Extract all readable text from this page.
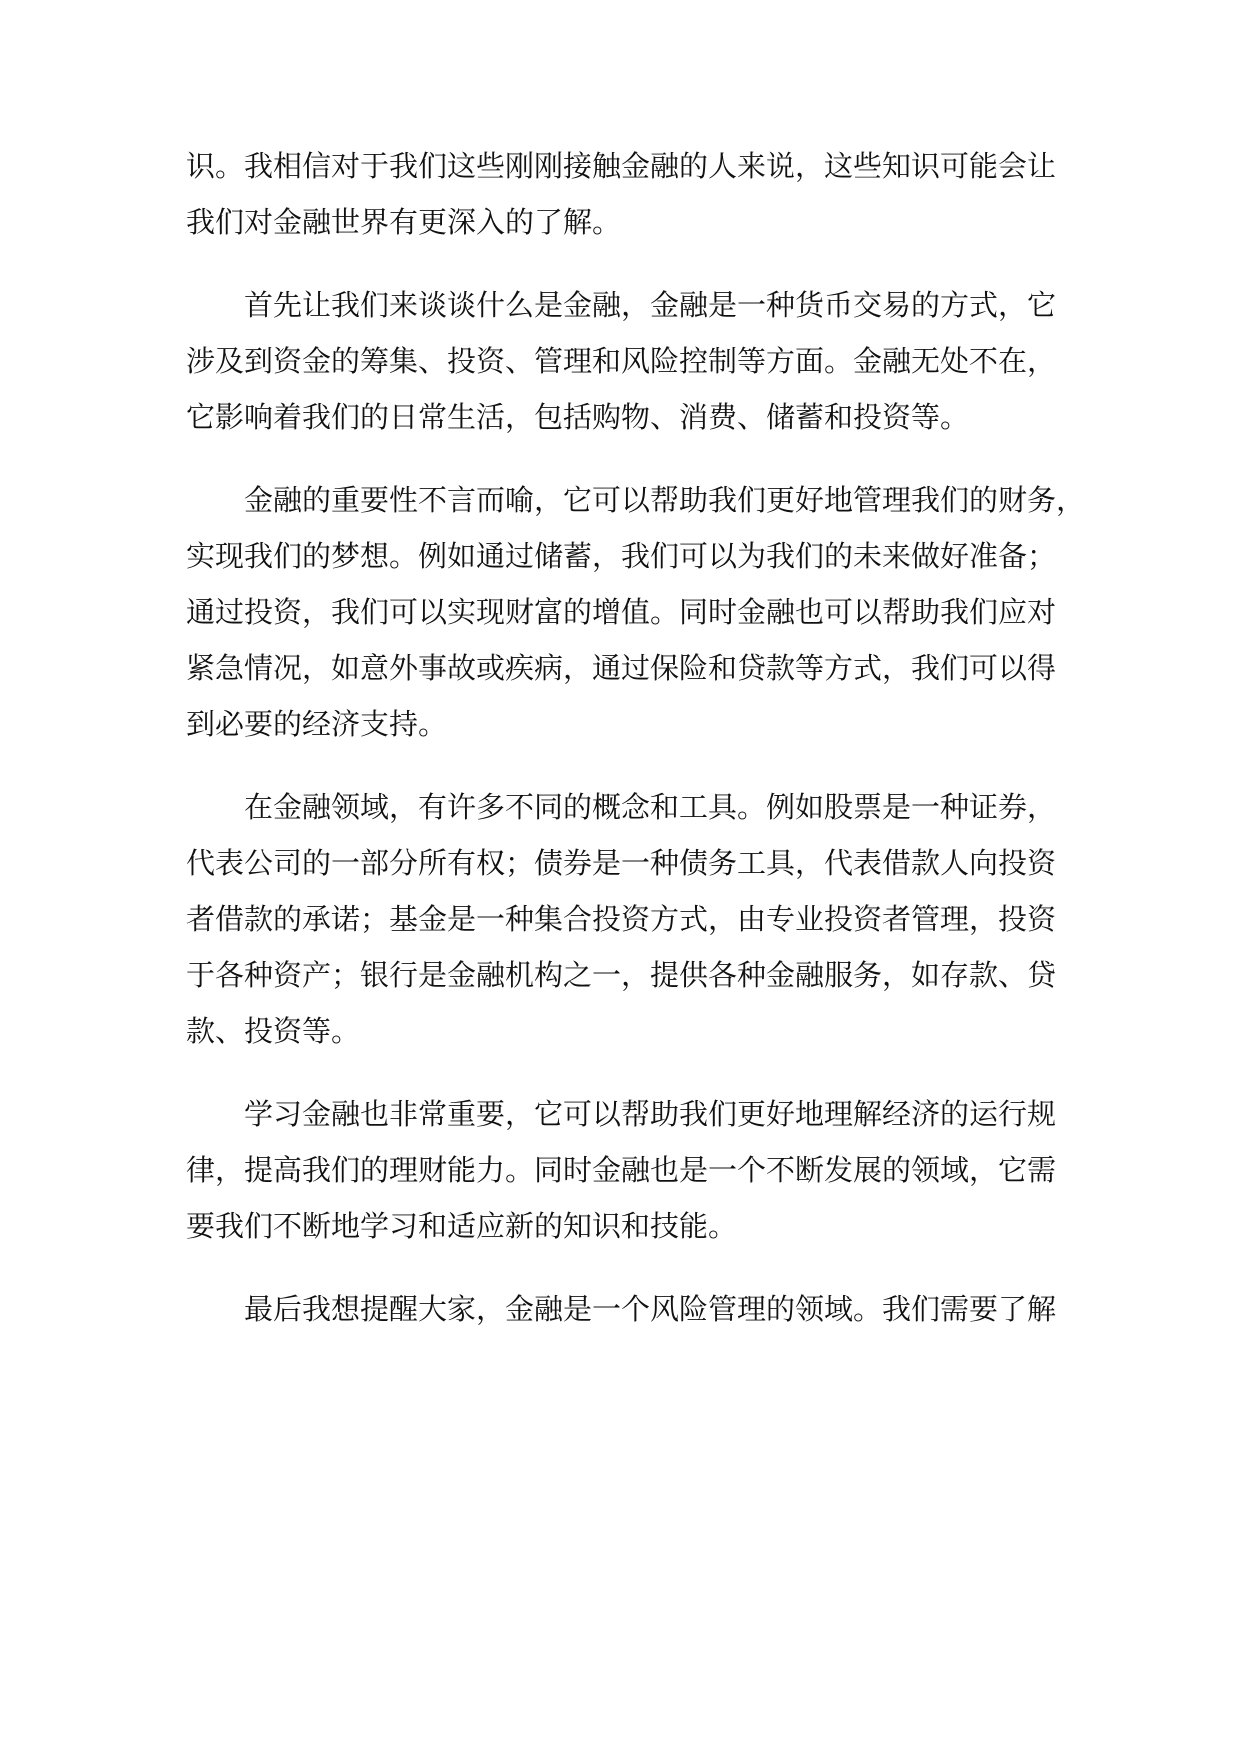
识。我相信对于我们这些刚刚接触金融的人来说，这些知识可能会让
我们对金融世界有更深入的了解。
首先让我们来谈谈什么是金融，金融是一种货币交易的方式，它
涉及到资金的筹集、投资、管理和风险控制等方面。金融无处不在，
它影响着我们的日常生活，包括购物、消费、储蓄和投资等。
金融的重要性不言而喻，它可以帮助我们更好地管理我们的财务，
实现我们的梦想。例如通过储蓄，我们可以为我们的未来做好准备；
通过投资，我们可以实现财富的增值。同时金融也可以帮助我们应对
紧急情况，如意外事故或疾病，通过保险和贷款等方式，我们可以得
到必要的经济支持。
在金融领域，有许多不同的概念和工具。例如股票是一种证券，
代表公司的一部分所有权；债券是一种债务工具，代表借款人向投资
者借款的承诺；基金是一种集合投资方式，由专业投资者管理，投资
于各种资产；银行是金融机构之一，提供各种金融服务，如存款、贷
款、投资等。
学习金融也非常重要，它可以帮助我们更好地理解经济的运行规
律，提高我们的理财能力。同时金融也是一个不断发展的领域，它需
要我们不断地学习和适应新的知识和技能。
最后我想提醒大家，金融是一个风险管理的领域。我们需要了解
